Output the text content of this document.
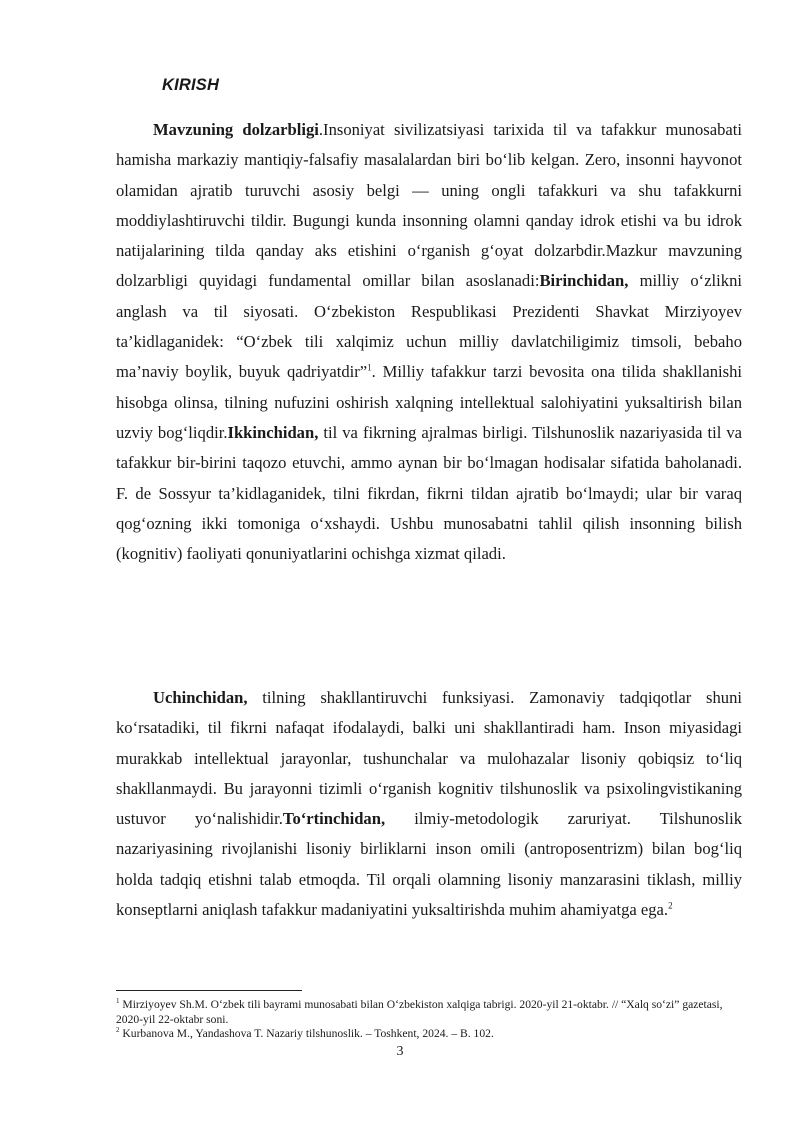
KIRISH

Mavzuning dolzarbligi.Insoniyat sivilizatsiyasi tarixida til va tafakkur munosabati hamisha markaziy mantiqiy-falsafiy masalalardan biri bo‘lib kelgan. Zero, insonni hayvonot olamidan ajratib turuvchi asosiy belgi — uning ongli tafakkuri va shu tafakkurni moddiylashtiruvchi tildir. Bugungi kunda insonning olamni qanday idrok etishi va bu idrok natijalarining tilda qanday aks etishini o‘rganish g‘oyat dolzarbdir.Mazkur mavzuning dolzarbligi quyidagi fundamental omillar bilan asoslanadi:Birinchidan, milliy o‘zlikni anglash va til siyosati. O‘zbekiston Respublikasi Prezidenti Shavkat Mirziyoyev ta’kidlaganidek: “O‘zbek tili xalqimiz uchun milliy davlatchiligimiz timsoli, bebaho ma’naviy boylik, buyuk qadriyatdir”$^1$. Milliy tafakkur tarzi bevosita ona tilida shakllanishi hisobga olinsa, tilning nufuzini oshirish xalqning intellektual salohiyatini yuksaltirish bilan uzviy bog‘liqdir.Ikkinchidan, til va fikrning ajralmas birligi. Tilshunoslik nazariyasida til va tafakkur bir-birini taqozo etuvchi, ammo aynan bir bo‘lmagan hodisalar sifatida baholanadi. F. de Sossyur ta’kidlaganidek, tilni fikrdan, fikrni tildan ajratib bo‘lmaydi; ular bir varaq qog‘ozning ikki tomoniga o‘xshaydi. Ushbu munosabatni tahlil qilish insonning bilish (kognitiv) faoliyati qonuniyatlarini ochishga xizmat qiladi.

Uchinchidan, tilning shakllantiruvchi funksiyasi. Zamonaviy tadqiqotlar shuni ko‘rsatadiki, til fikrni nafaqat ifodalaydi, balki uni shakllantiradi ham. Inson miyasidagi murakkab intellektual jarayonlar, tushunchalar va mulohazalar lisoniy qobiqsiz to‘liq shakllanmaydi. Bu jarayonni tizimli o‘rganish kognitiv tilshunoslik va psixolingvistikaning ustuvor yo‘nalishidir.To‘rtinchidan, ilmiy-metodologik zaruriyat. Tilshunoslik nazariyasining rivojlanishi lisoniy birliklarni inson omili (antroposentrizm) bilan bog‘liq holda tadqiq etishni talab etmoqda. Til orqali olamning lisoniy manzarasini tiklash, milliy konseptlarni aniqlash tafakkur madaniyatini yuksaltirishda muhim ahamiyatga ega.$^2$

$^1$ Mirziyoyev Sh.M. O‘zbek tili bayrami munosabati bilan O‘zbekiston xalqiga tabrigi. 2020-yil 21-oktabr. // “Xalq so‘zi” gazetasi, 2020-yil 22-oktabr soni.
$^2$ Kurbanova M., Yandashova T. Nazariy tilshunoslik. – Toshkent, 2024. – B. 102.
3
